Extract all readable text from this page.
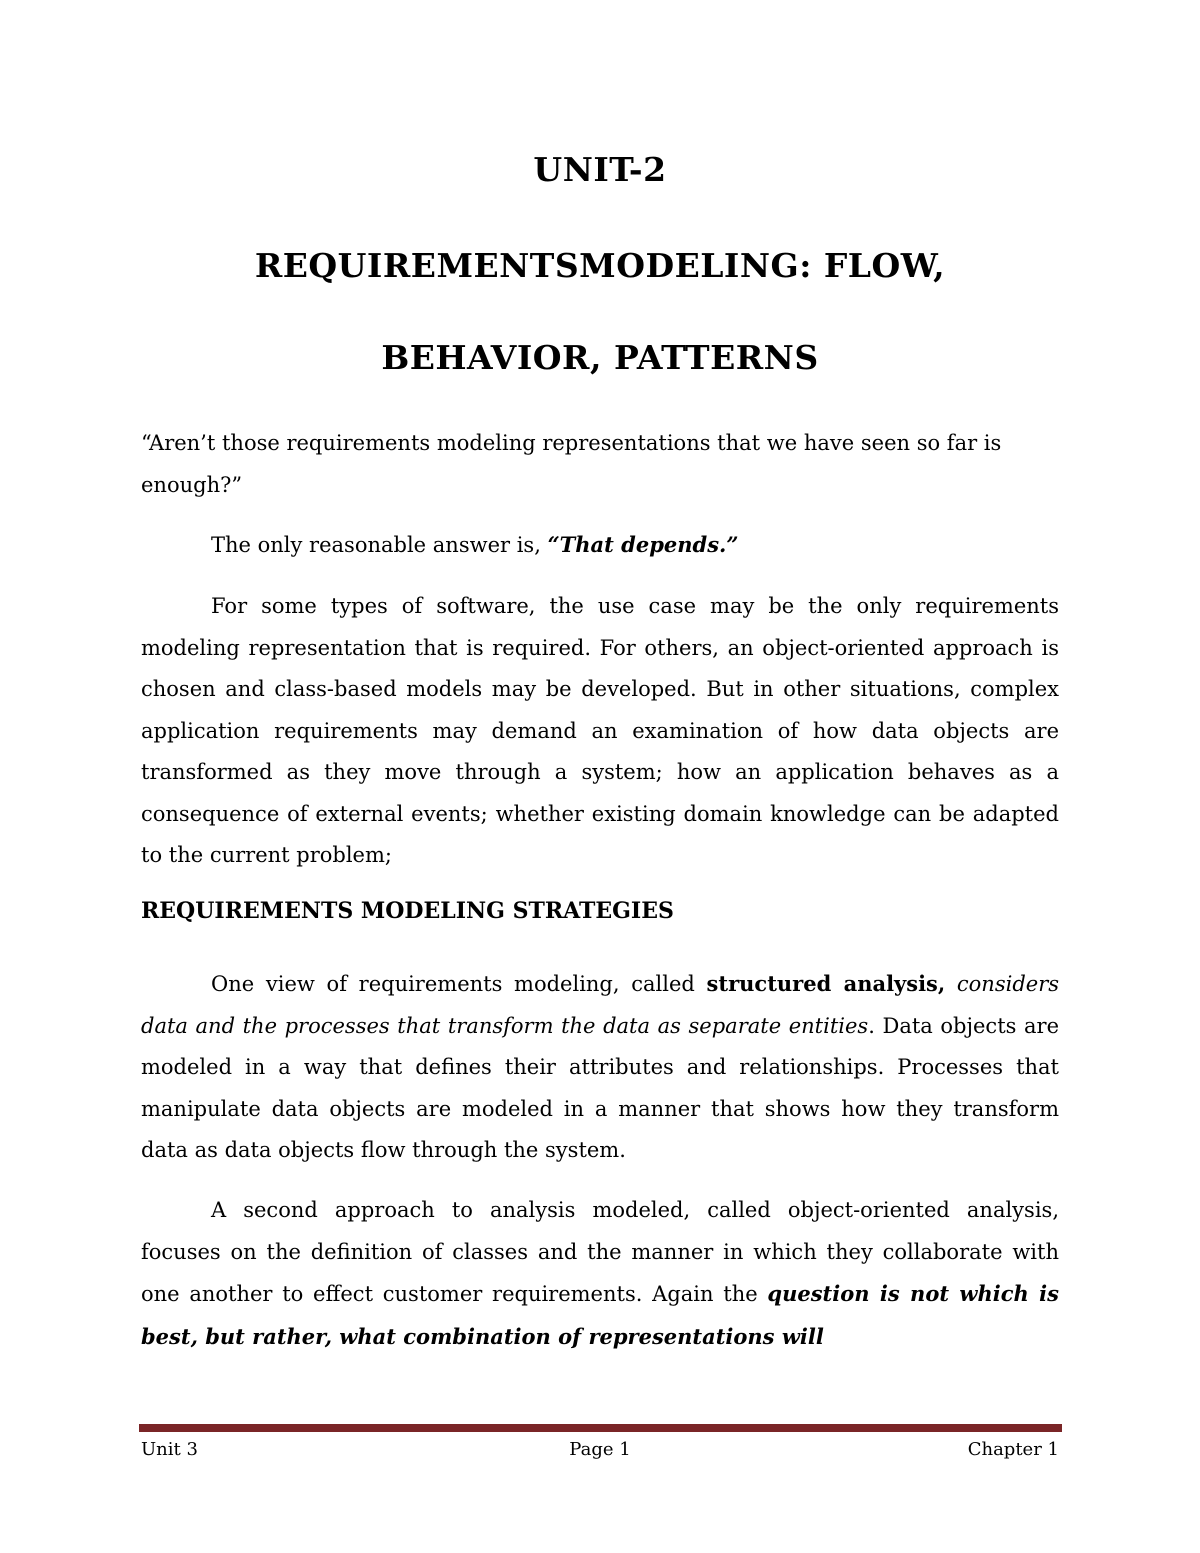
UNIT-2
REQUIREMENTSMODELING: FLOW,
BEHAVIOR, PATTERNS

“Aren’t those requirements modeling representations that we have seen so far is enough?”

The only reasonable answer is, “That depends.”

For some types of software, the use case may be the only requirements modeling representation that is required. For others, an object-oriented approach is chosen and class-based models may be developed. But in other situations, complex application requirements may demand an examination of how data objects are transformed as they move through a system; how an application behaves as a consequence of external events; whether existing domain knowledge can be adapted to the current problem;

REQUIREMENTS MODELING STRATEGIES

One view of requirements modeling, called structured analysis, considers data and the processes that transform the data as separate entities. Data objects are modeled in a way that defines their attributes and relationships. Processes that manipulate data objects are modeled in a manner that shows how they transform data as data objects flow through the system.

A second approach to analysis modeled, called object-oriented analysis, focuses on the definition of classes and the manner in which they collaborate with one another to effect customer requirements. Again the question is not which is best, but rather, what combination of representations will

Page 1

Unit 3	Chapter 1
